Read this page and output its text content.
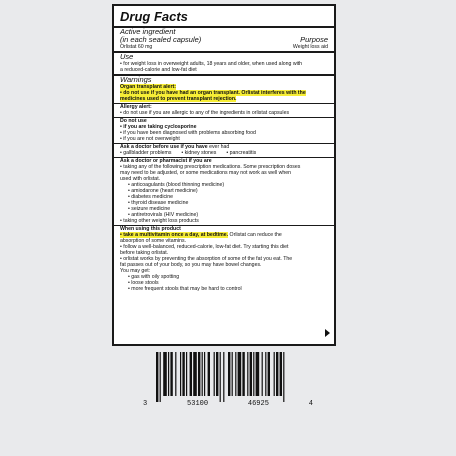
Drug Facts
Active ingredient
(in each sealed capsule)	Purpose
Orlistat 60 mg	Weight loss aid
Use
• for weight loss in overweight adults, 18 years and older, when used along with
a reduced-calorie and low-fat diet
Warnings
Organ transplant alert:
• do not use if you have had an organ transplant. Orlistat interferes with the
medicines used to prevent transplant rejection.
Allergy alert:
• do not use if you are allergic to any of the ingredients in orlistat capsules
Do not use
• if you are taking cyclosporine
• if you have been diagnosed with problems absorbing food
• if you are not overweight
Ask a doctor before use if you have ever had
• gallbladder problems • kidney stones • pancreatitis
Ask a doctor or pharmacist if you are
• taking any of the following prescription medications. Some prescription doses
may need to be adjusted, or some medications may not work as well when
used with orlistat.
• anticoagulants (blood thinning medicine)
• amiodarone (heart medicine)
• diabetes medicine
• thyroid disease medicine
• seizure medicine
• antiretrovirals (HIV medicine)
• taking other weight loss products
When using this product
• take a multivitamin once a day, at bedtime. Orlistat can reduce the
absorption of some vitamins.
• follow a well-balanced, reduced-calorie, low-fat diet. Try starting this diet
before taking orlistat.
• orlistat works by preventing the absorption of some of the fat you eat. The
fat passes out of your body, so you may have bowel changes.
You may get:
• gas with oily spotting
• loose stools
• more frequent stools that may be hard to control
3	53100	46925	4
